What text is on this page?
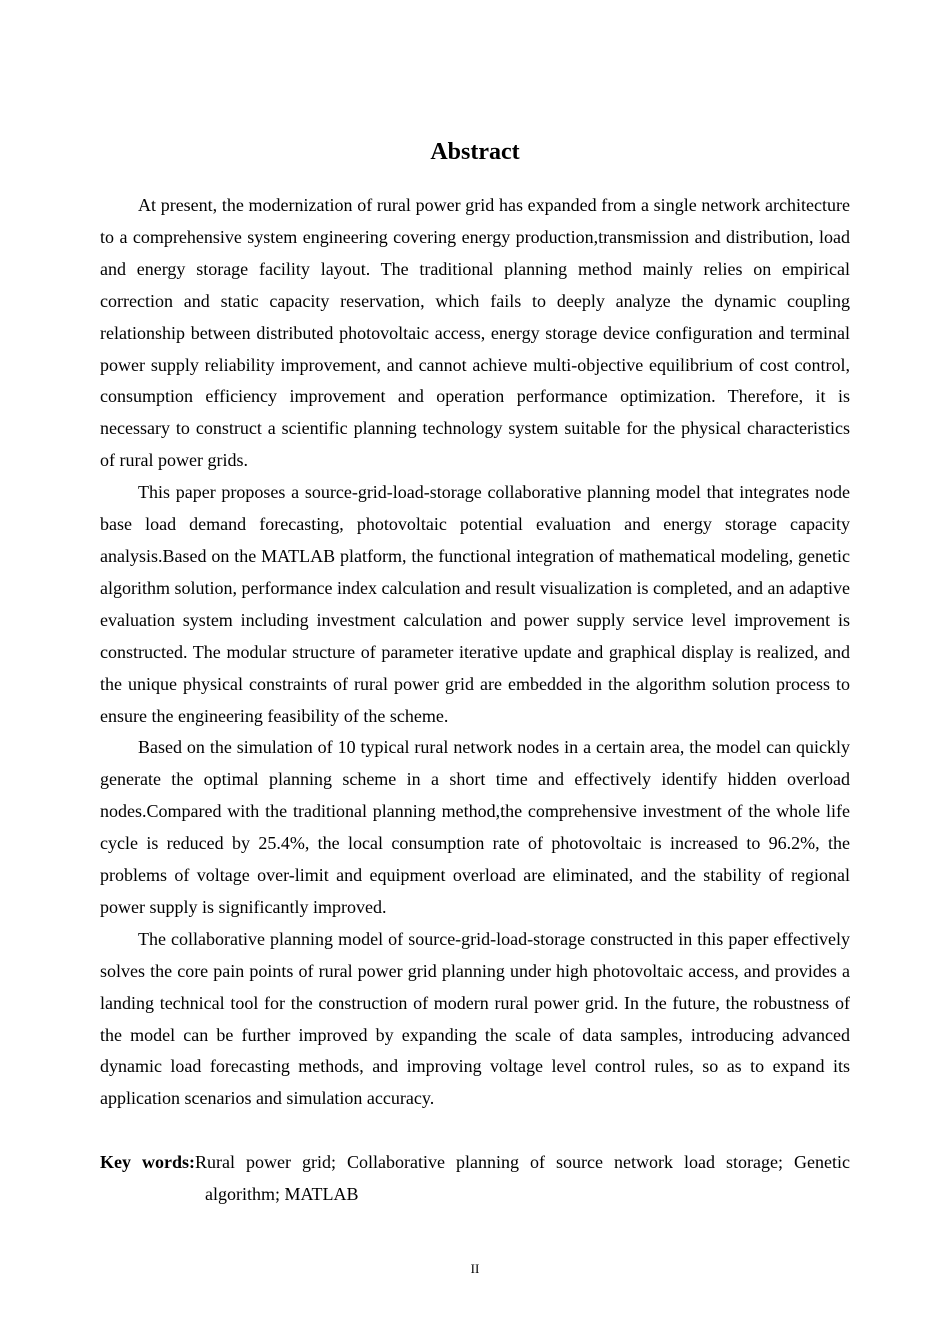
Abstract

At present, the modernization of rural power grid has expanded from a single network architecture to a comprehensive system engineering covering energy production,transmission and distribution, load and energy storage facility layout. The traditional planning method mainly relies on empirical correction and static capacity reservation, which fails to deeply analyze the dynamic coupling relationship between distributed photovoltaic access, energy storage device configuration and terminal power supply reliability improvement, and cannot achieve multi-objective equilibrium of cost control, consumption efficiency improvement and operation performance optimization. Therefore, it is necessary to construct a scientific planning technology system suitable for the physical characteristics of rural power grids.

This paper proposes a source-grid-load-storage collaborative planning model that integrates node base load demand forecasting, photovoltaic potential evaluation and energy storage capacity analysis.Based on the MATLAB platform, the functional integration of mathematical modeling, genetic algorithm solution, performance index calculation and result visualization is completed, and an adaptive evaluation system including investment calculation and power supply service level improvement is constructed. The modular structure of parameter iterative update and graphical display is realized, and the unique physical constraints of rural power grid are embedded in the algorithm solution process to ensure the engineering feasibility of the scheme.

Based on the simulation of 10 typical rural network nodes in a certain area, the model can quickly generate the optimal planning scheme in a short time and effectively identify hidden overload nodes.Compared with the traditional planning method,the comprehensive investment of the whole life cycle is reduced by 25.4%, the local consumption rate of photovoltaic is increased to 96.2%, the problems of voltage over-limit and equipment overload are eliminated, and the stability of regional power supply is significantly improved.

The collaborative planning model of source-grid-load-storage constructed in this paper effectively solves the core pain points of rural power grid planning under high photovoltaic access, and provides a landing technical tool for the construction of modern rural power grid. In the future, the robustness of the model can be further improved by expanding the scale of data samples, introducing advanced dynamic load forecasting methods, and improving voltage level control rules, so as to expand its application scenarios and simulation accuracy.

Key words:Rural power grid; Collaborative planning of source network load storage; Genetic algorithm; MATLAB
II
